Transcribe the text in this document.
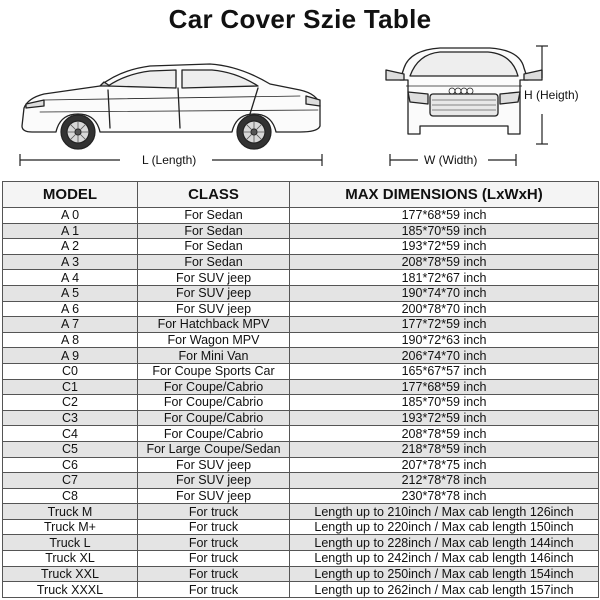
Car Cover Szie Table
L (Length)	W (Width)
H (Heigth)
MODEL	CLASS	MAX DIMENSIONS (LxWxH)
A 0	For Sedan	177*68*59 inch
A 1	For Sedan	185*70*59 inch
A 2	For Sedan	193*72*59 inch
A 3	For Sedan	208*78*59 inch
A 4	For SUV jeep	181*72*67 inch
A 5	For SUV jeep	190*74*70 inch
A 6	For SUV jeep	200*78*70 inch
A 7	For Hatchback MPV	177*72*59 inch
A 8	For Wagon MPV	190*72*63 inch
A 9	For Mini Van	206*74*70 inch
C0	For Coupe Sports Car	165*67*57 inch
C1	For Coupe/Cabrio	177*68*59 inch
C2	For Coupe/Cabrio	185*70*59 inch
C3	For Coupe/Cabrio	193*72*59 inch
C4	For Coupe/Cabrio	208*78*59 inch
C5	For Large Coupe/Sedan	218*78*59 inch
C6	For SUV jeep	207*78*75 inch
C7	For SUV jeep	212*78*78 inch
C8	For SUV jeep	230*78*78 inch
Truck M	For truck	Length up to 210inch / Max cab length 126inch
Truck M+	For truck	Length up to 220inch / Max cab length 150inch
Truck L	For truck	Length up to 228inch / Max cab length 144inch
Truck XL	For truck	Length up to 242inch / Max cab length 146inch
Truck XXL	For truck	Length up to 250inch / Max cab length 154inch
Truck XXXL	For truck	Length up to 262inch / Max cab length 157inch
